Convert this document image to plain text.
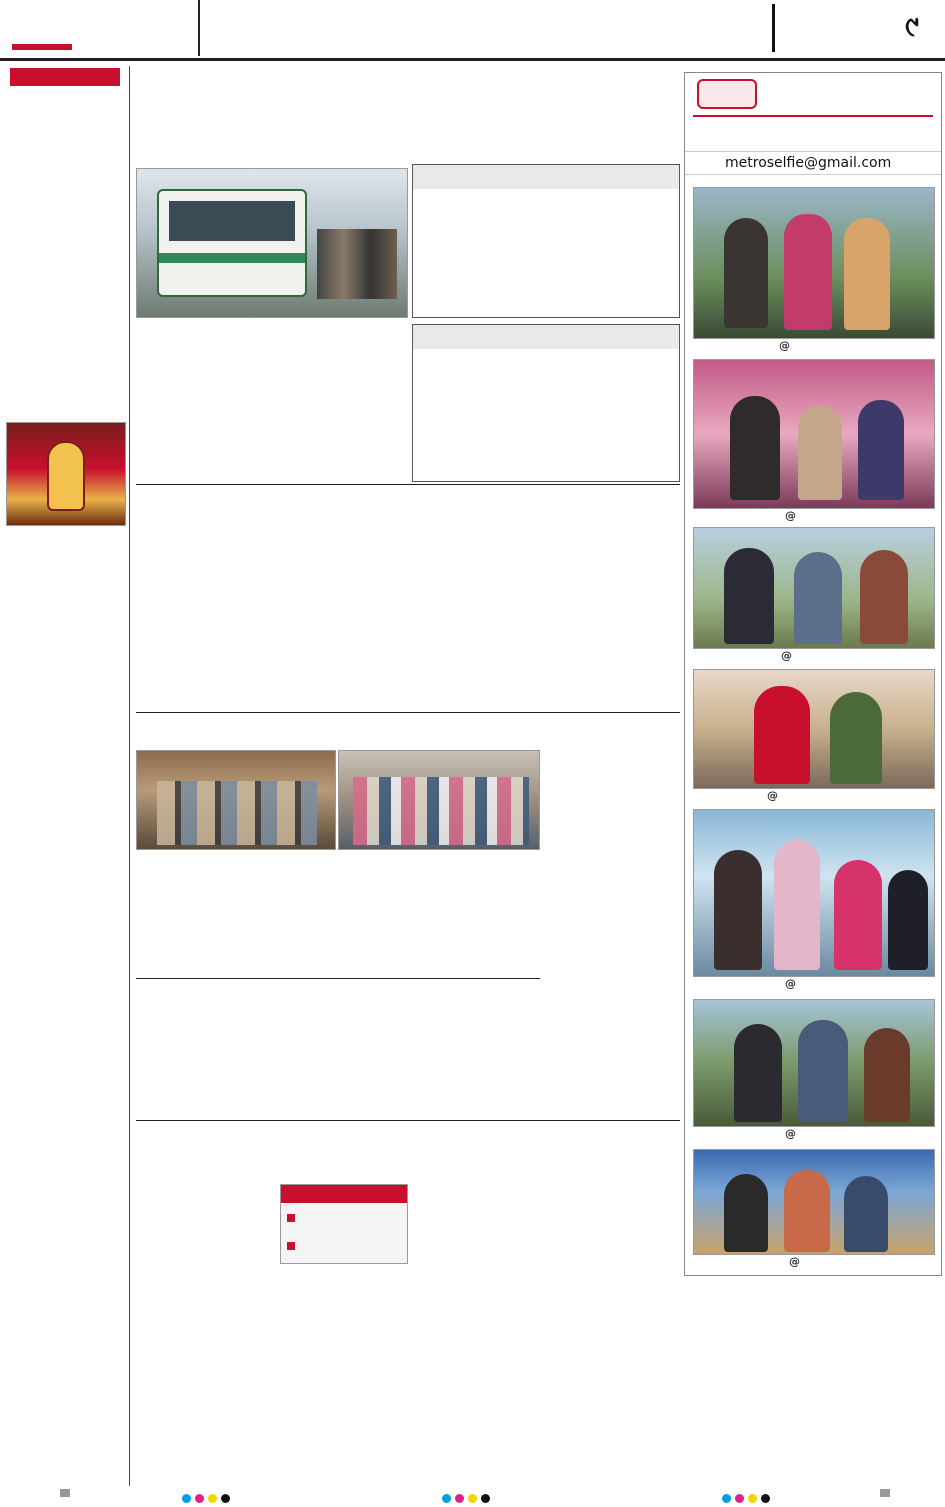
୯
metroselfie@gmail.com
@
@
@
@
@
@
@
